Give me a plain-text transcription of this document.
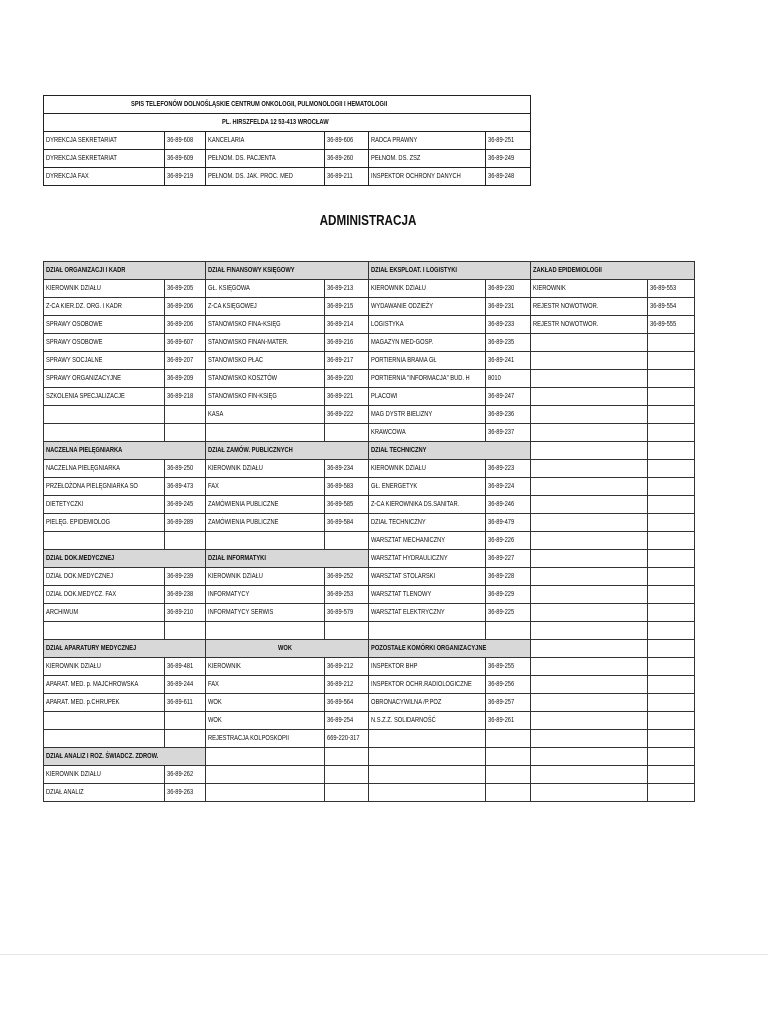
SPIS TELEFONÓW DOLNOŚLĄSKIE CENTRUM ONKOLOGII, PULMONOLOGII I HEMATOLOGII					
PL. HIRSZFELDA 12 53-413 WROCŁAW					
DYREKCJA SEKRETARIAT	36-89-608	KANCELARIA	36-89-606	RADCA PRAWNY	36-89-251
DYREKCJA SEKRETARIAT	36-89-609	PEŁNOM. DS. PACJENTA	36-89-260	PEŁNOM. DS. ZSZ	36-89-249
DYREKCJA FAX	36-89-219	PEŁNOM. DS. JAK. PROC. MED	36-89-211	INSPEKTOR OCHRONY DANYCH	36-89-248
ADMINISTRACJA
DZIAŁ ORGANIZACJI I KADR		DZIAŁ FINANSOWY KSIĘGOWY		DZIAŁ EKSPLOAT. I LOGISTYKI		ZAKŁAD EPIDEMIOLOGII	
KIEROWNIK DZIAŁU	36-89-205	GŁ. KSIĘGOWA	36-89-213	KIEROWNIK DZIAŁU	36-89-230	KIEROWNIK	36-89-553
Z-CA KIER.DZ. ORG. I KADR	36-89-206	Z-CA KSIĘGOWEJ	36-89-215	WYDAWANIE ODZIEŻY	36-89-231	REJESTR NOWOTWOR.	36-89-554
SPRAWY OSOBOWE	36-89-206	STANOWISKO FINA-KSIĘG	36-89-214	LOGISTYKA	36-89-233	REJESTR NOWOTWOR.	36-89-555
SPRAWY OSOBOWE	36-89-607	STANOWISKO FINAN-MATER.	36-89-216	MAGAZYN MED-GOSP.	36-89-235		
SPRAWY SOCJALNE	36-89-207	STANOWISKO PŁAC	36-89-217	PORTIERNIA BRAMA GŁ	36-89-241		
SPRAWY ORGANIZACYJNE	36-89-209	STANOWISKO KOSZTÓW	36-89-220	PORTIERNIA "INFORMACJA" BUD. H	8010		
SZKOLENIA SPECJALIZACJE	36-89-218	STANOWISKO FIN-KSIĘG	36-89-221	PLACOWI	36-89-247		
		KASA	36-89-222	MAG DYSTR BIELIZNY	36-89-236		
				KRAWCOWA	36-89-237		
NACZELNA PIELĘGNIARKA		DZIAŁ ZAMÓW. PUBLICZNYCH		DZIAŁ TECHNICZNY			
NACZELNA PIELĘGNIARKA	36-89-250	KIEROWNIK DZIAŁU	36-89-234	KIEROWNIK DZIAŁU	36-89-223		
PRZEŁOŻONA PIELĘGNIARKA SO	36-89-473	FAX	36-89-583	GŁ. ENERGETYK	36-89-224		
DIETETYCZKI	36-89-245	ZAMÓWIENIA PUBLICZNE	36-89-585	Z-CA KIEROWNIKA DS.SANITAR.	36-89-246		
PIELĘG. EPIDEMIOLOG	36-89-289	ZAMÓWIENIA PUBLICZNE	36-89-584	DZIAŁ TECHNICZNY	36-89-479		
				WARSZTAT MECHANICZNY	36-89-226		
DZIAŁ DOK.MEDYCZNEJ		DZIAŁ INFORMATYKI		WARSZTAT HYDRAULICZNY	36-89-227		
DZIAŁ DOK.MEDYCZNEJ	36-89-239	KIEROWNIK DZIAŁU	36-89-252	WARSZTAT STOLARSKI	36-89-228		
DZIAŁ DOK.MEDYCZ. FAX	36-89-238	INFORMATYCY	36-89-253	WARSZTAT TLENOWY	36-89-229		
ARCHIWUM	36-89-210	INFORMATYCY SERWIS	36-89-579	WARSZTAT ELEKTRYCZNY	36-89-225		

DZIAŁ APARATURY MEDYCZNEJ		WOK		POZOSTAŁE KOMÓRKI ORGANIZACYJNE			
KIEROWNIK DZIAŁU	36-89-481	KIEROWNIK	36-89-212	INSPEKTOR BHP	36-89-255		
APARAT. MED. p. MAJCHROWSKA	36-89-244	FAX	36-89-212	INSPEKTOR OCHR.RADIOLOGICZNE	36-89-256		
APARAT. MED. p.CHRUPEK	36-89-611	WOK	36-89-564	OBRONACYWILNA /P.POZ	36-89-257		
		WOK	36-89-254	N.S.Z.Z. SOLIDARNOŚĆ	36-89-261		
		REJESTRACJA KOLPOSKOPII	669-220-317				
DZIAŁ ANALIZ I ROZ. ŚWIADCZ. ZDROW.							
KIEROWNIK DZIAŁU	36-89-262						
DZIAŁ ANALIZ	36-89-263						
